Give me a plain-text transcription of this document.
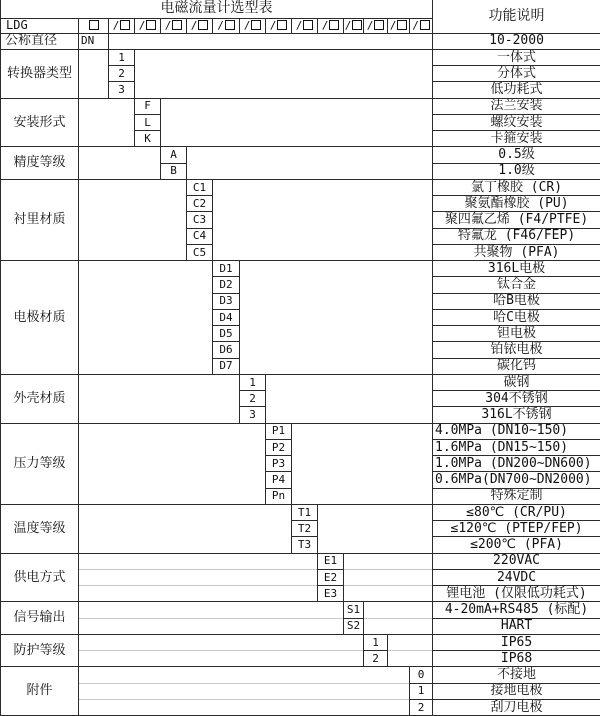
电磁流量计选型表															功能说明
LDG		/	/	/	/	/	/	/	/	/	/	/	/	/	
公称直径	DN														10-2000
转换器类型		1													一体式
		2													分体式
		3													低功耗式
安装形式			F												法兰安装
			L												螺纹安装
			K												卡箍安装
精度等级				A											0.5级
				B											1.0级
衬里材质					C1										氯丁橡胶 (CR)
					C2										聚氨酯橡胶 (PU)
					C3										聚四氟乙烯 (F4/PTFE)
					C4										特氟龙 (F46/FEP)
					C5										共聚物 (PFA)
电极材质						D1									316L电极
						D2									钛合金
						D3									哈B电极
						D4									哈C电极
						D5									钽电极
						D6									铂铱电极
						D7									碳化钨
外壳材质							1								碳钢
							2								304不锈钢
							3								316L不锈钢
压力等级								P1							4.0MPa (DN10~150)
								P2							1.6MPa (DN15~150)
								P3							1.0MPa (DN200~DN600)
								P4							0.6MPa(DN700~DN2000)
								Pn							特殊定制
温度等级									T1						≤80℃ (CR/PU)
									T2						≤120℃ (PTEP/FEP)
									T3						≤200℃ (PFA)
供电方式										E1					220VAC
										E2					24VDC
										E3					锂电池 (仅限低功耗式)
信号输出											S1				4-20mA+RS485 (标配)
											S2				HART
防护等级												1			IP65
												2			IP68
附件														0	不接地
														1	接地电极
														2	刮刀电极
